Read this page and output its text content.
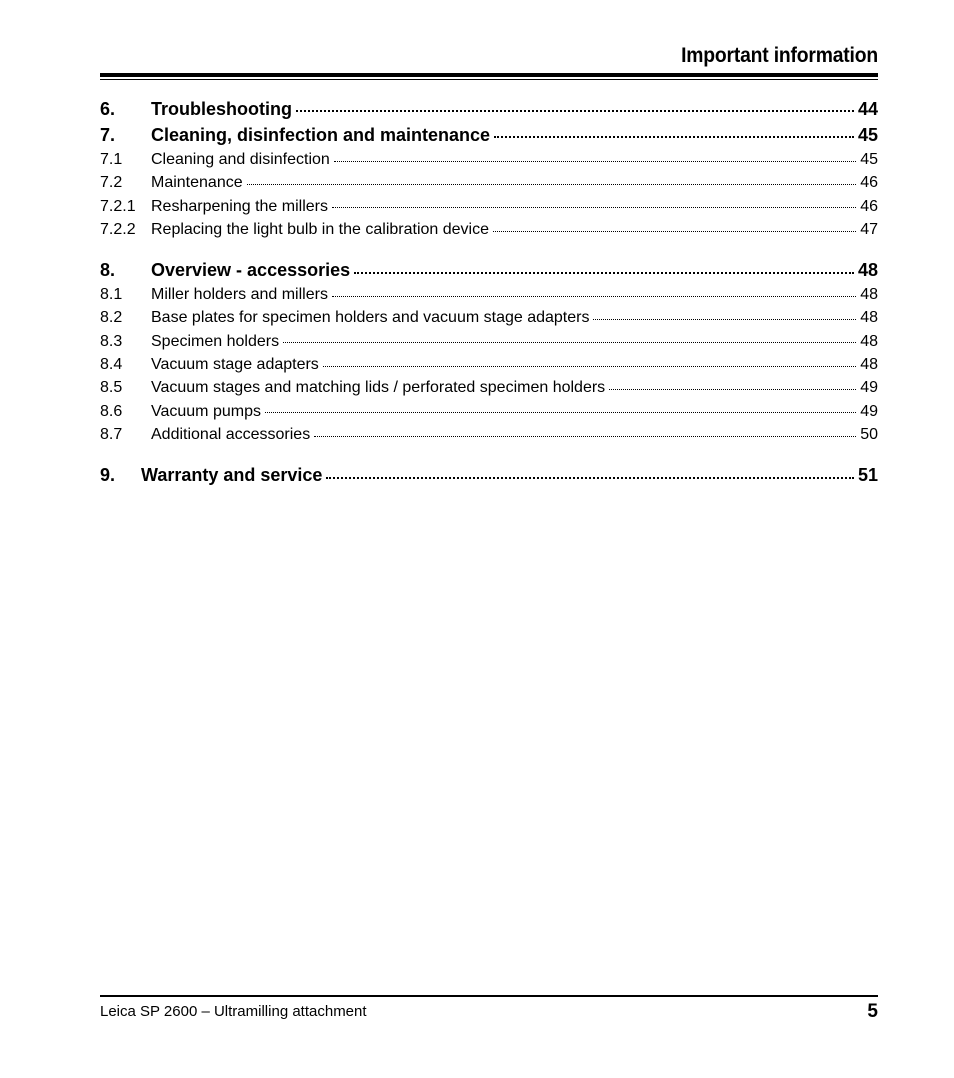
Important information
6.	Troubleshooting	44
7.	Cleaning, disinfection and maintenance	45
7.1	Cleaning and disinfection	45
7.2	Maintenance	46
7.2.1 Resharpening the millers	46
7.2.2 Replacing the light bulb in the calibration device	47
8.	Overview - accessories	48
8.1	Miller holders and millers	48
8.2	Base plates for specimen holders and vacuum stage adapters	48
8.3	Specimen holders	48
8.4	Vacuum stage adapters	48
8.5	Vacuum stages and matching lids / perforated specimen holders	49
8.6	Vacuum pumps	49
8.7	Additional accessories	50
9.	Warranty and service	51
Leica SP 2600 – Ultramilling attachment	5
